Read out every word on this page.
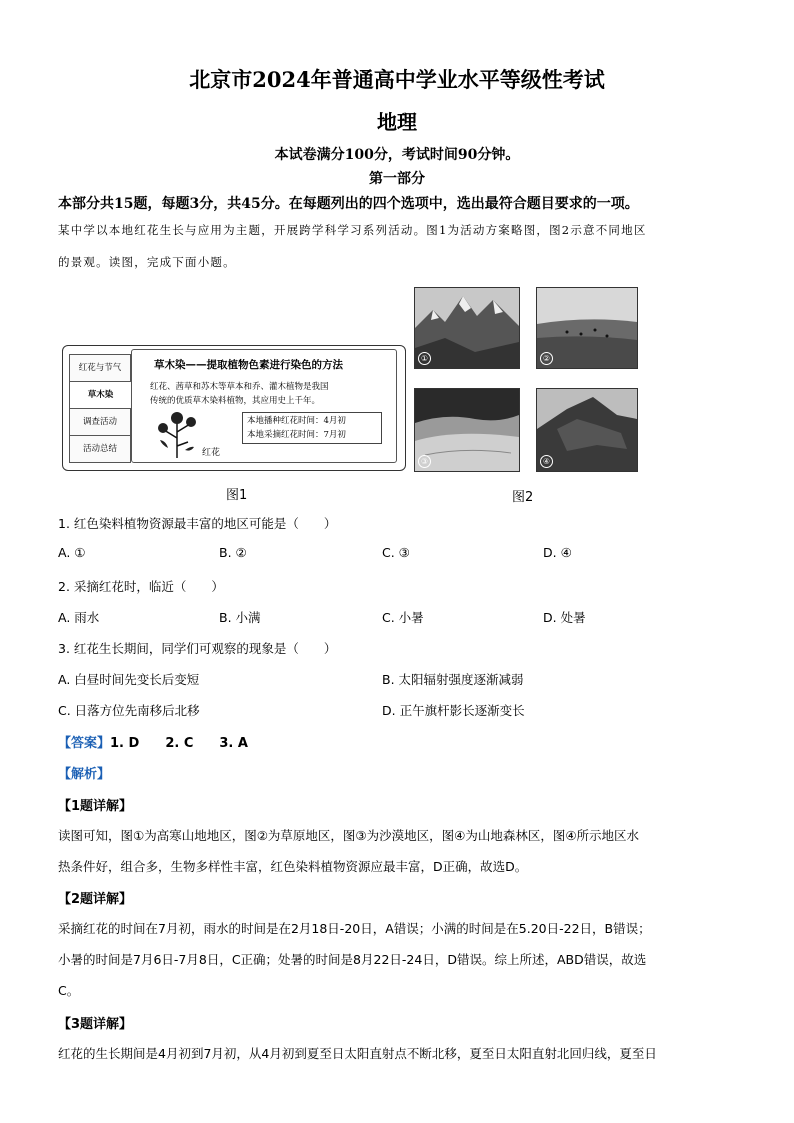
北京市2024年普通高中学业水平等级性考试
地理
本试卷满分100分，考试时间90分钟。
第一部分
本部分共15题，每题3分，共45分。在每题列出的四个选项中，选出最符合题目要求的一项。
某中学以本地红花生长与应用为主题，开展跨学科学习系列活动。图1为活动方案略图，图2示意不同地区
的景观。读图，完成下面小题。
红花与节气
草木染
调查活动
活动总结
草木染——提取植物色素进行染色的方法
红花、茜草和苏木等草本和乔、灌木植物是我国
传统的优质草木染料植物，其应用史上千年。
红花
本地播种红花时间：4月初
本地采摘红花时间：7月初
图1
①	②
③	④
图2
1. 红色染料植物资源最丰富的地区可能是（　　）
A. ①	B. ②	C. ③	D. ④
2. 采摘红花时，临近（　　）
A. 雨水	B. 小满	C. 小暑	D. 处暑
3. 红花生长期间，同学们可观察的现象是（　　）
A. 白昼时间先变长后变短	B. 太阳辐射强度逐渐减弱
C. 日落方位先南移后北移	D. 正午旗杆影长逐渐变长
【答案】1. D　　2. C　　3. A
【解析】
【1题详解】
读图可知，图①为高寒山地地区，图②为草原地区，图③为沙漠地区，图④为山地森林区，图④所示地区水
热条件好，组合多，生物多样性丰富，红色染料植物资源应最丰富，D正确，故选D。
【2题详解】
采摘红花的时间在7月初，雨水的时间是在2月18日-20日，A错误；小满的时间是在5.20日-22日，B错误；
小暑的时间是7月6日-7月8日，C正确；处暑的时间是8月22日-24日，D错误。综上所述，ABD错误，故选
C。
【3题详解】
红花的生长期间是4月初到7月初，从4月初到夏至日太阳直射点不断北移，夏至日太阳直射北回归线，夏至日
